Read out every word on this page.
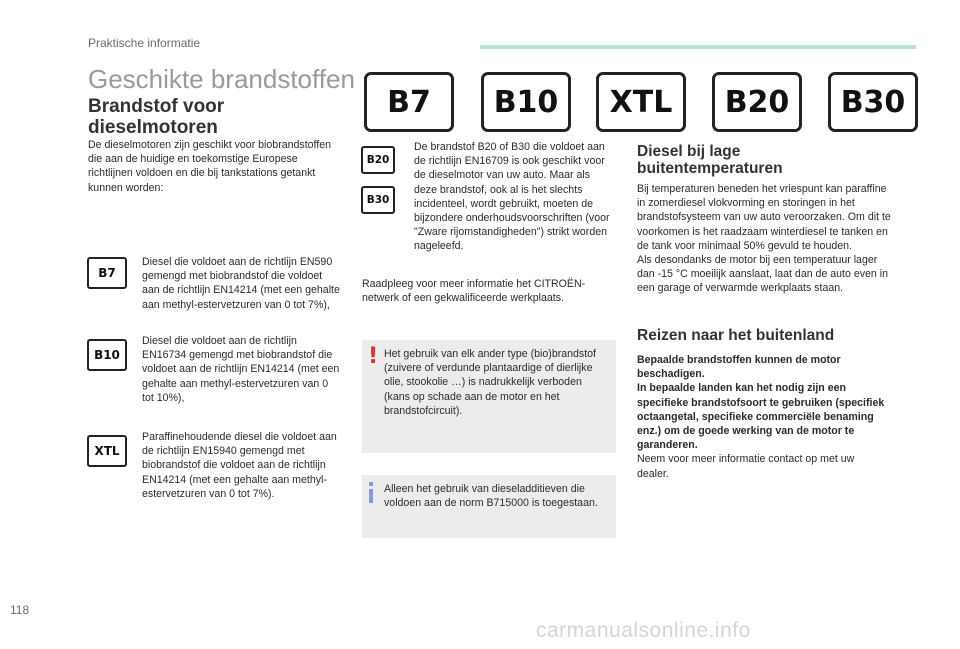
Praktische informatie
Geschikte brandstoffen
B7	B10	XTL	B20	B30
Brandstof voor dieselmotoren
De dieselmotoren zijn geschikt voor biobrandstoffen die aan de huidige en toekomstige Europese richtlijnen voldoen en die bij tankstations getankt kunnen worden:
B7
Diesel die voldoet aan de richtlijn EN590 gemengd met biobrandstof die voldoet aan de richtlijn EN14214 (met een gehalte aan methyl-estervetzuren van 0 tot 7%),
B10
Diesel die voldoet aan de richtlijn EN16734 gemengd met biobrandstof die voldoet aan de richtlijn EN14214 (met een gehalte aan methyl-estervetzuren van 0 tot 10%),
XTL
Paraffinehoudende diesel die voldoet aan de richtlijn EN15940 gemengd met biobrandstof die voldoet aan de richtlijn EN14214 (met een gehalte aan methyl-estervetzuren van 0 tot 7%).
B20
B30
De brandstof B20 of B30 die voldoet aan de richtlijn EN16709 is ook geschikt voor de dieselmotor van uw auto. Maar als deze brandstof, ook al is het slechts incidenteel, wordt gebruikt, moeten de bijzondere onderhoudsvoorschriften (voor "Zware rijomstandigheden") strikt worden nageleefd.
Raadpleeg voor meer informatie het CITROËN-netwerk of een gekwalificeerde werkplaats.
! Het gebruik van elk ander type (bio)brandstof (zuivere of verdunde plantaardige of dierlijke olie, stookolie …) is nadrukkelijk verboden (kans op schade aan de motor en het brandstofcircuit).
Alleen het gebruik van dieseladditieven die voldoen aan de norm B715000 is toegestaan.
Diesel bij lage buitentemperaturen
Bij temperaturen beneden het vriespunt kan paraffine in zomerdiesel vlokvorming en storingen in het brandstofsysteem van uw auto veroorzaken. Om dit te voorkomen is het raadzaam winterdiesel te tanken en de tank voor minimaal 50% gevuld te houden.
Als desondanks de motor bij een temperatuur lager dan -15 °C moeilijk aanslaat, laat dan de auto even in een garage of verwarmde werkplaats staan.
Reizen naar het buitenland
Bepaalde brandstoffen kunnen de motor beschadigen.
In bepaalde landen kan het nodig zijn een specifieke brandstofsoort te gebruiken (specifiek octaangetal, specifieke commerciële benaming enz.) om de goede werking van de motor te garanderen.
Neem voor meer informatie contact op met uw dealer.
118
carmanualsonline.info
